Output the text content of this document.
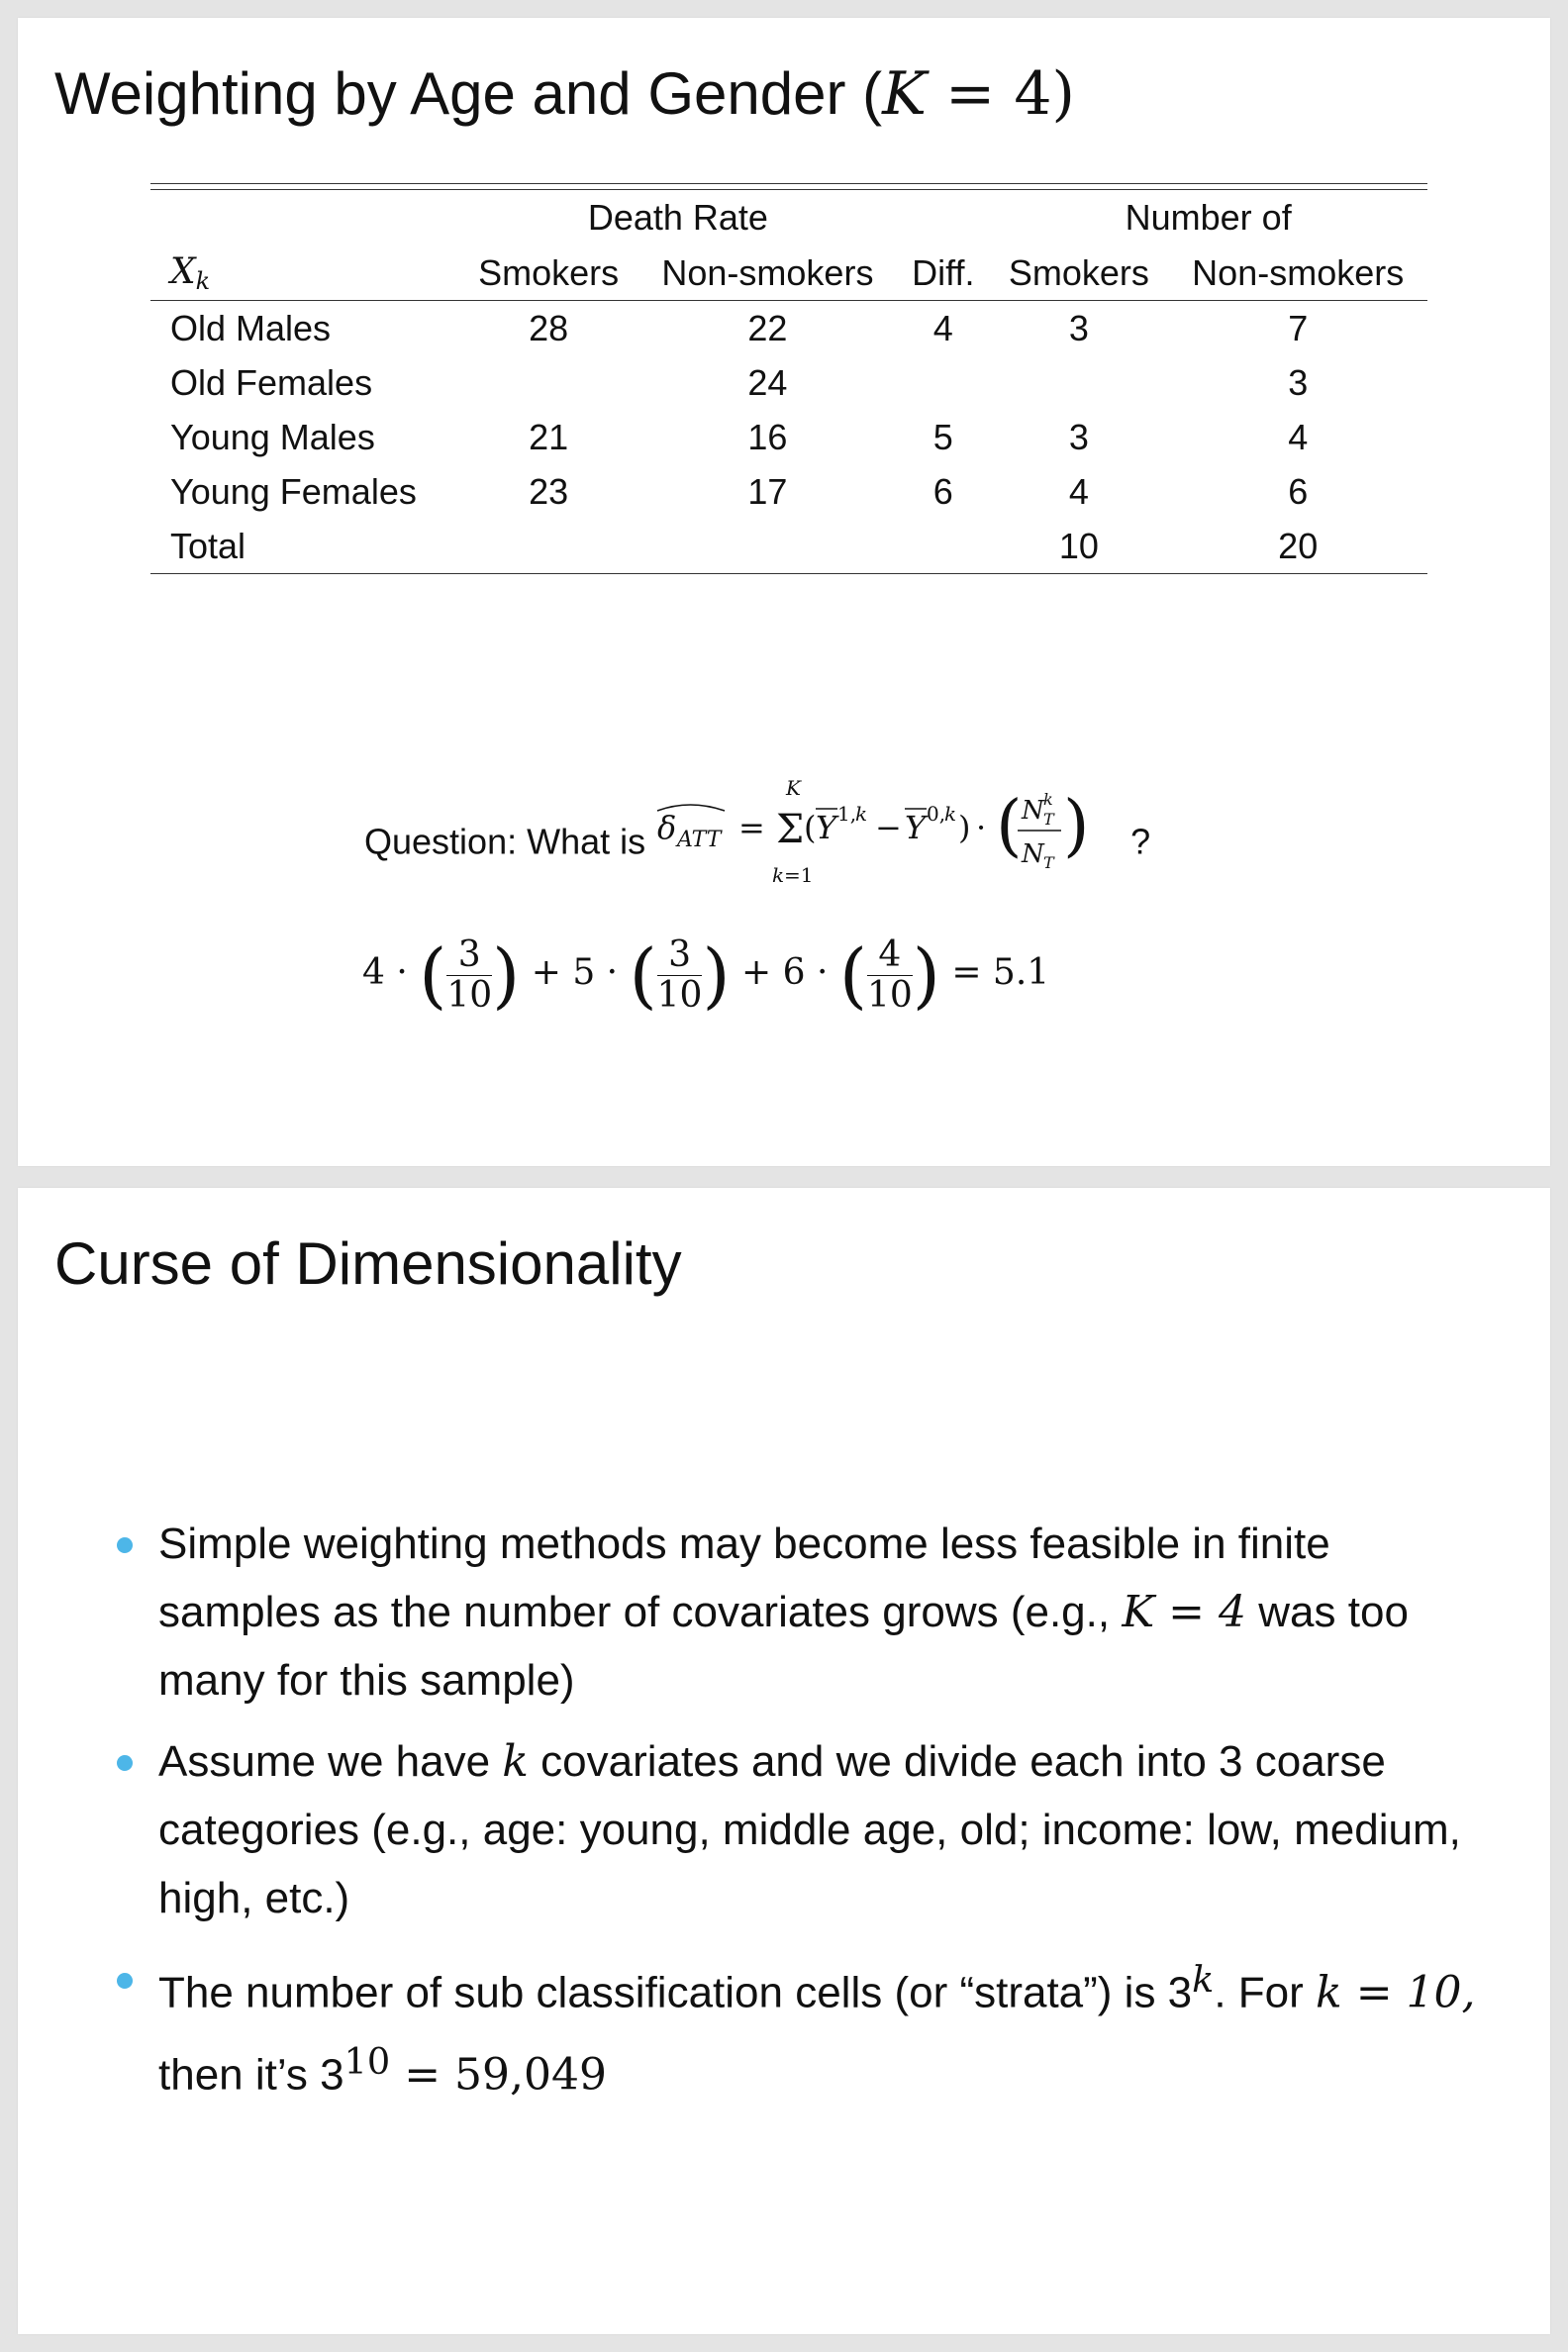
Weighting by Age and Gender (K = 4)
	Death Rate			Number of	
Xk	Smokers	Non-smokers	Diff.	Smokers	Non-smokers
Old Males	28	22	4	3	7
Old Females		24			3
Young Males	21	16	5	3	4
Young Females	23	17	6	4	6
Total				10	20
Question: What is δ ATT = Σ
K
k =1
( Y 1,
k − Y 0,
k ) · ( N k
T
N T ) ?
4 · ( $\frac{3}{10}$ ) + 5 · ( $\frac{3}{10}$ ) + 6 · ( $\frac{4}{10}$ ) = 5.1
Curse of Dimensionality
Simple weighting methods may become less feasible in finite samples as the number of covariates grows (e.g., K = 4 was too many for this sample)
Assume we have k covariates and we divide each into 3 coarse categories (e.g., age: young, middle age, old; income: low, medium, high, etc.)
The number of sub classification cells (or “strata”) is 3$^k$. For k = 10, then it’s $3^{10} = 59,049$
